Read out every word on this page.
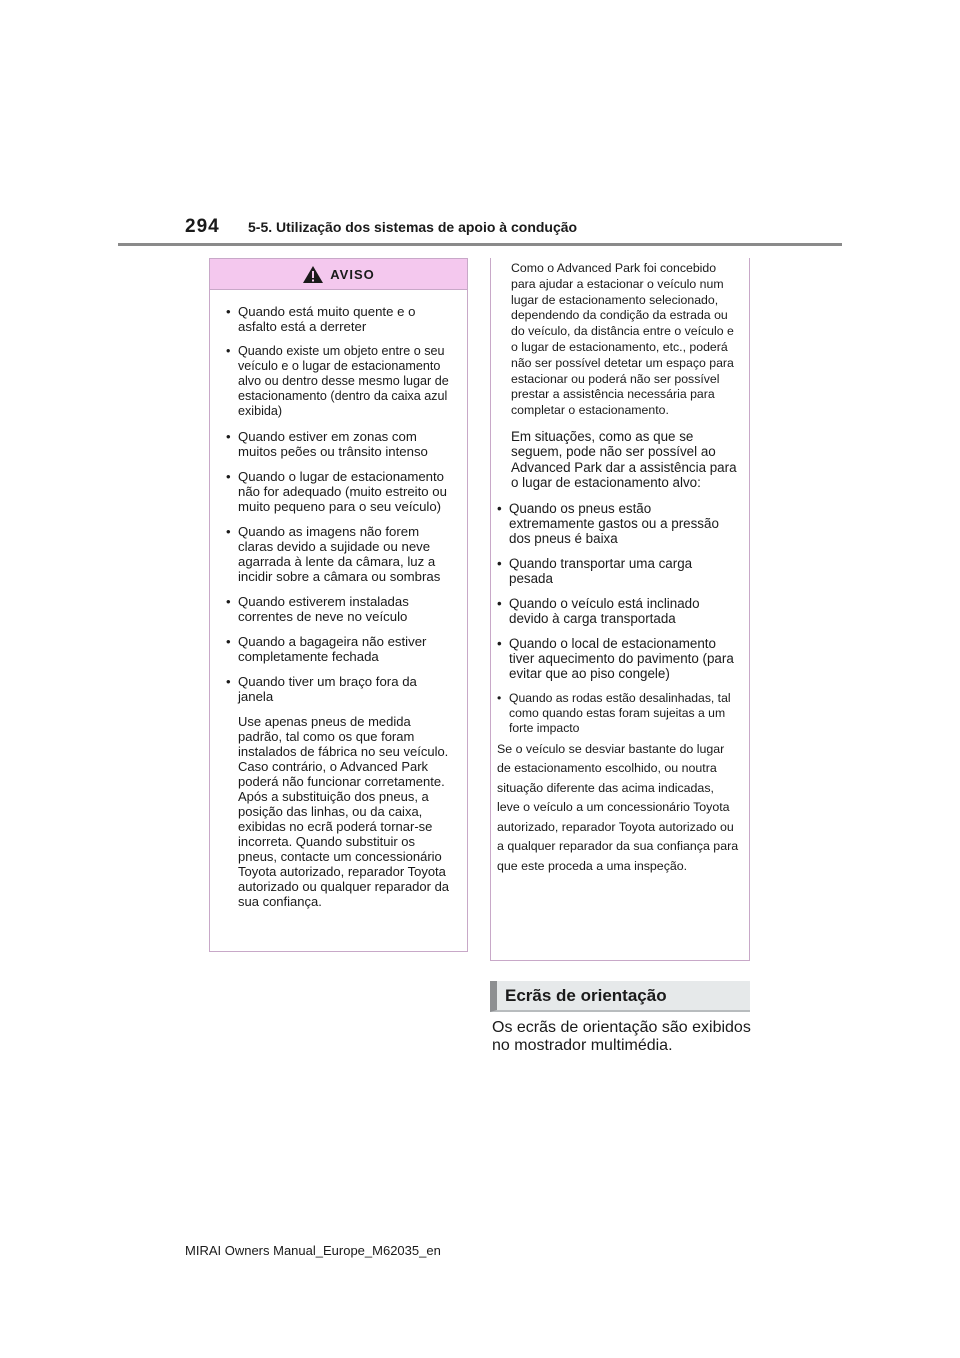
294 5-5. Utilização dos sistemas de apoio à condução
AVISO
• Quando está muito quente e o asfalto está a derreter
• Quando existe um objeto entre o seu veículo e o lugar de estacionamento alvo ou dentro desse mesmo lugar de estacionamento (dentro da caixa azul exibida)
• Quando estiver em zonas com muitos peões ou trânsito intenso
• Quando o lugar de estacionamento não for adequado (muito estreito ou muito pequeno para o seu veículo)
• Quando as imagens não forem claras devido a sujidade ou neve agarrada à lente da câmara, luz a incidir sobre a câmara ou sombras
• Quando estiverem instaladas correntes de neve no veículo
• Quando a bagageira não estiver completamente fechada
• Quando tiver um braço fora da janela

Use apenas pneus de medida padrão, tal como os que foram instalados de fábrica no seu veículo. Caso contrário, o Advanced Park poderá não funcionar corretamente. Após a substituição dos pneus, a posição das linhas, ou da caixa, exibidas no ecrã poderá tornar-se incorreta. Quando substituir os pneus, contacte um concessionário Toyota autorizado, reparador Toyota autorizado ou qualquer reparador da sua confiança.

Como o Advanced Park foi concebido para ajudar a estacionar o veículo num lugar de estacionamento selecionado, dependendo da condição da estrada ou do veículo, da distância entre o veículo e o lugar de estacionamento, etc., poderá não ser possível detetar um espaço para estacionar ou poderá não ser possível prestar a assistência necessária para completar o estacionamento.

Em situações, como as que se seguem, pode não ser possível ao Advanced Park dar a assistência para o lugar de estacionamento alvo:

• Quando os pneus estão extremamente gastos ou a pressão dos pneus é baixa
• Quando transportar uma carga pesada
• Quando o veículo está inclinado devido à carga transportada
• Quando o local de estacionamento tiver aquecimento do pavimento (para evitar que ao piso congele)
• Quando as rodas estão desalinhadas, tal como quando estas foram sujeitas a um forte impacto

Se o veículo se desviar bastante do lugar de estacionamento escolhido, ou noutra situação diferente das acima indicadas, leve o veículo a um concessionário Toyota autorizado, reparador Toyota autorizado ou a qualquer reparador da sua confiança para que este proceda a uma inspeção.

Ecrãs de orientação
Os ecrãs de orientação são exibidos no mostrador multimédia.
MIRAI Owners Manual_Europe_M62035_en
